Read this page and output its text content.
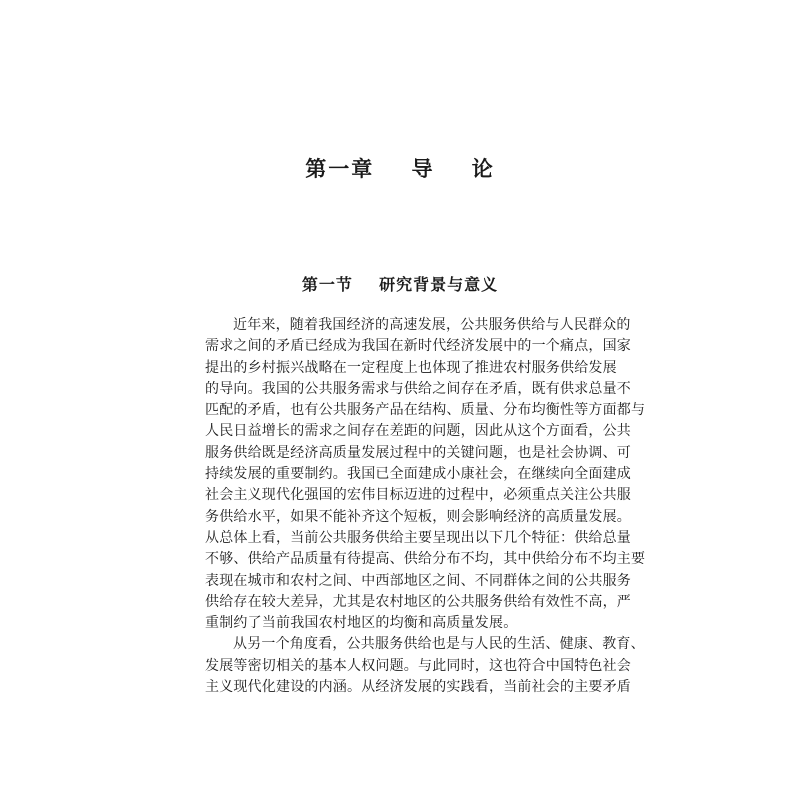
第一章    导    论
第一节    研究背景与意义
近年来，随着我国经济的高速发展，公共服务供给与人民群众的
需求之间的矛盾已经成为我国在新时代经济发展中的一个痛点，国家
提出的乡村振兴战略在一定程度上也体现了推进农村服务供给发展
的导向。我国的公共服务需求与供给之间存在矛盾，既有供求总量不
匹配的矛盾，也有公共服务产品在结构、质量、分布均衡性等方面都与
人民日益增长的需求之间存在差距的问题，因此从这个方面看，公共
服务供给既是经济高质量发展过程中的关键问题，也是社会协调、可
持续发展的重要制约。我国已全面建成小康社会，在继续向全面建成
社会主义现代化强国的宏伟目标迈进的过程中，必须重点关注公共服
务供给水平，如果不能补齐这个短板，则会影响经济的高质量发展。
从总体上看，当前公共服务供给主要呈现出以下几个特征：供给总量
不够、供给产品质量有待提高、供给分布不均，其中供给分布不均主要
表现在城市和农村之间、中西部地区之间、不同群体之间的公共服务
供给存在较大差异，尤其是农村地区的公共服务供给有效性不高，严
重制约了当前我国农村地区的均衡和高质量发展。
从另一个角度看，公共服务供给也是与人民的生活、健康、教育、
发展等密切相关的基本人权问题。与此同时，这也符合中国特色社会
主义现代化建设的内涵。从经济发展的实践看，当前社会的主要矛盾
